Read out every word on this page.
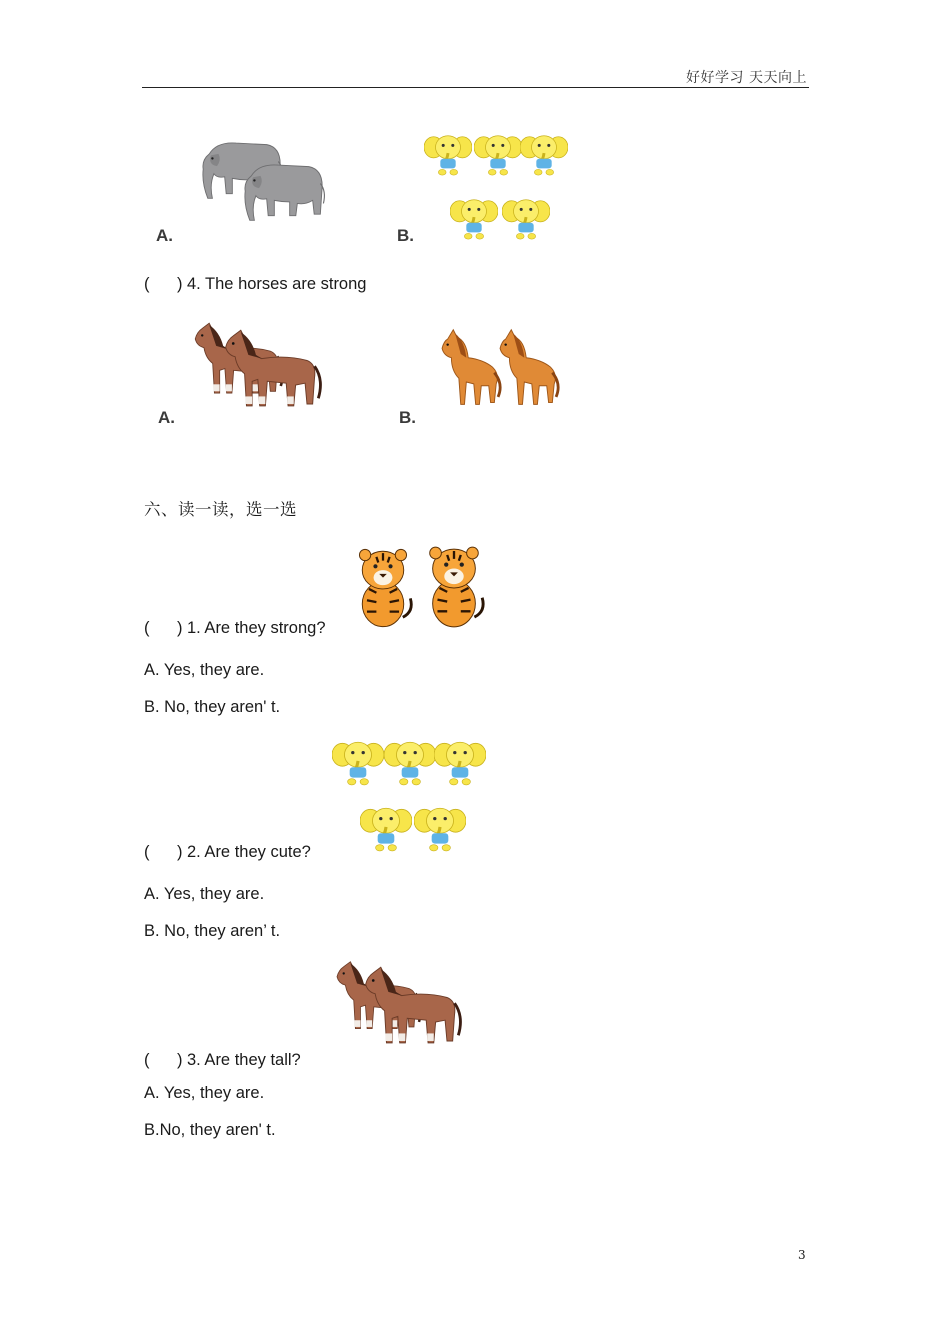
好好学习 天天向上
A.	B.
(      ) 4. The horses are strong
A.	B.
六、读一读，选一选
(      ) 1. Are they strong?
A. Yes, they are.
B. No, they aren' t.
(      ) 2. Are they cute?
A. Yes, they are.
B. No, they aren’ t.
(      ) 3. Are they tall?
A. Yes, they are.
B.No, they aren' t.
3
